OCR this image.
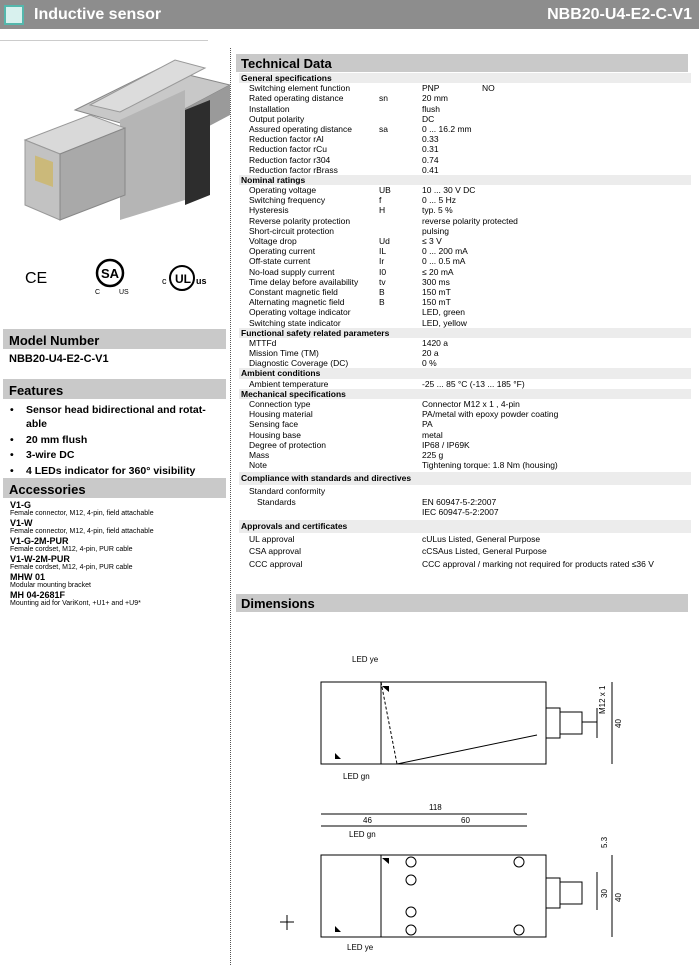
Inductive sensor	NBB20-U4-E2-C-V1
CE	SA
C	US
UL
c	us
Model Number
NBB20-U4-E2-C-V1
Features
• Sensor head bidirectional and rotat-able
• 20 mm flush
• 3-wire DC
• 4 LEDs indicator for 360° visibility
Accessories
V1-G
Female connector, M12, 4-pin, field attachable
V1-W
Female connector, M12, 4-pin, field attachable
V1-G-2M-PUR
Female cordset, M12, 4-pin, PUR cable
V1-W-2M-PUR
Female cordset, M12, 4-pin, PUR cable
MHW 01
Modular mounting bracket
MH 04-2681F
Mounting aid for VariKont, +U1+ and +U9*
Technical Data
General specifications
Switching element function	PNP	NO
Rated operating distance	sn	20 mm
Installation	flush
Output polarity	DC
Assured operating distance	sa	0 ... 16.2 mm
Reduction factor rAl	0.33
Reduction factor rCu	0.31
Reduction factor r304	0.74
Reduction factor rBrass	0.41
Nominal ratings
Operating voltage	UB	10 ... 30 V DC
Switching frequency	f	0 ... 5 Hz
Hysteresis	H	typ. 5 %
Reverse polarity protection	reverse polarity protected
Short-circuit protection	pulsing
Voltage drop	Ud	≤ 3 V
Operating current	IL	0 ... 200 mA
Off-state current	Ir	0 ... 0.5 mA
No-load supply current	I0	≤ 20 mA
Time delay before availability	tv	300 ms
Constant magnetic field	B	150 mT
Alternating magnetic field	B	150 mT
Operating voltage indicator	LED, green
Switching state indicator	LED, yellow
Functional safety related parameters
MTTFd	1420 a
Mission Time (TM)	20 a
Diagnostic Coverage (DC)	0 %
Ambient conditions
Ambient temperature	-25 ... 85 °C (-13 ... 185 °F)
Mechanical specifications
Connection type	Connector M12 x 1 , 4-pin
Housing material	PA/metal with epoxy powder coating
Sensing face	PA
Housing base	metal
Degree of protection	IP68 / IP69K
Mass	225 g
Note	Tightening torque: 1.8 Nm (housing)
Compliance with standards and directives
Standard conformity
Standards	EN 60947-5-2:2007
IEC 60947-5-2:2007
Approvals and certificates
UL approval	cULus Listed, General Purpose
CSA approval	cCSAus Listed, General Purpose
CCC approval	CCC approval / marking not required for products rated ≤36 V
Dimensions
LED ye
LED gn
M12 x 1
40
118
46	60
LED gn
5.3
30 40
LED ye
